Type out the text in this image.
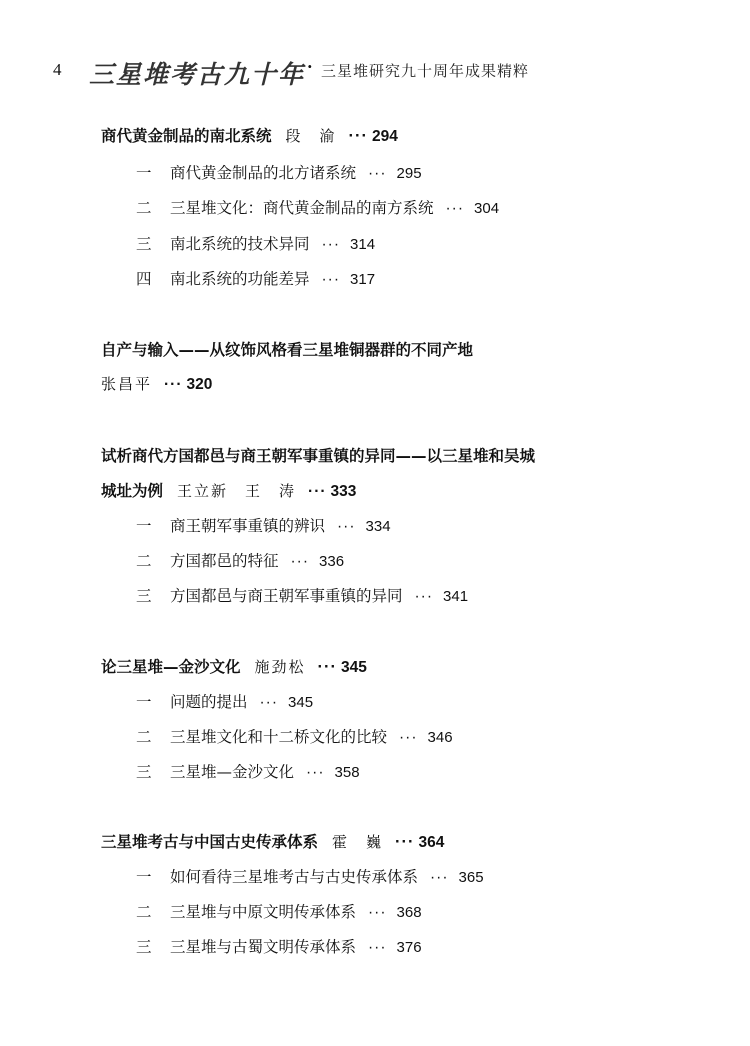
4 三星堆考古九十年 · 三星堆研究九十周年成果精粹
商代黄金制品的南北系统 段　渝 ··· 294
一 商代黄金制品的北方诸系统 ··· 295
二 三星堆文化：商代黄金制品的南方系统 ··· 304
三 南北系统的技术异同 ··· 314
四 南北系统的功能差异 ··· 317
自产与输入——从纹饰风格看三星堆铜器群的不同产地
张昌平 ··· 320
试析商代方国都邑与商王朝军事重镇的异同——以三星堆和吴城
城址为例 王立新　王　涛 ··· 333
一 商王朝军事重镇的辨识 ··· 334
二 方国都邑的特征 ··· 336
三 方国都邑与商王朝军事重镇的异同 ··· 341
论三星堆—金沙文化 施劲松 ··· 345
一 问题的提出 ··· 345
二 三星堆文化和十二桥文化的比较 ··· 346
三 三星堆—金沙文化 ··· 358
三星堆考古与中国古史传承体系 霍　巍 ··· 364
一 如何看待三星堆考古与古史传承体系 ··· 365
二 三星堆与中原文明传承体系 ··· 368
三 三星堆与古蜀文明传承体系 ··· 376
